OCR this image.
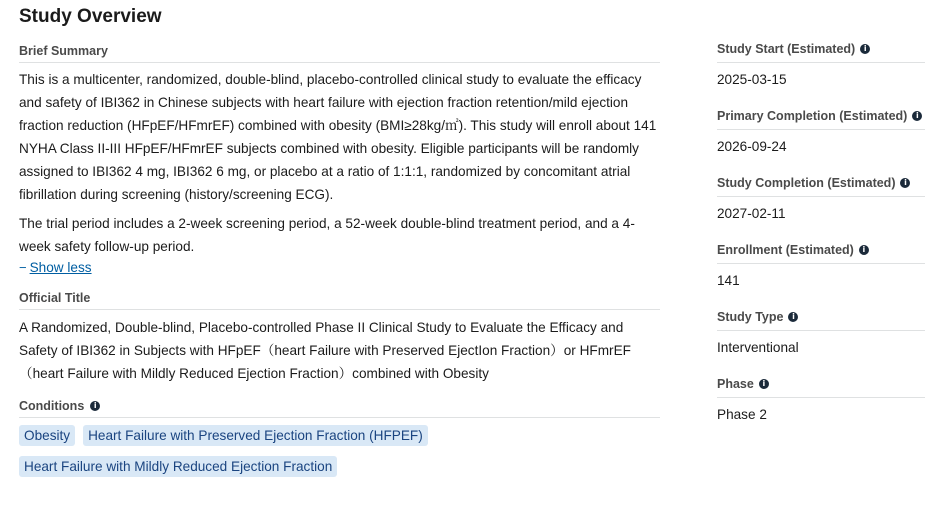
Study Overview
Brief Summary

This is a multicenter, randomized, double-blind, placebo-controlled clinical study to evaluate the efficacy and safety of IBI362 in Chinese subjects with heart failure with ejection fraction retention/mild ejection fraction reduction (HFpEF/HFmrEF) combined with obesity (BMI≥28kg/㎡). This study will enroll about 141 NYHA Class II-III HFpEF/HFmrEF subjects combined with obesity. Eligible participants will be randomly assigned to IBI362 4 mg, IBI362 6 mg, or placebo at a ratio of 1:1:1, randomized by concomitant atrial fibrillation during screening (history/screening ECG).

The trial period includes a 2-week screening period, a 52-week double-blind treatment period, and a 4-week safety follow-up period.

− Show less
Official Title

A Randomized, Double-blind, Placebo-controlled Phase II Clinical Study to Evaluate the Efficacy and Safety of IBI362 in Subjects with HFpEF（heart Failure with Preserved EjectIon Fraction）or HFmrEF（heart Failure with Mildly Reduced Ejection Fraction）combined with Obesity

Conditions	i
Obesity	Heart Failure with Preserved Ejection Fraction (HFPEF)
Heart Failure with Mildly Reduced Ejection Fraction
Study Start (Estimated)	i
2025-03-15
Primary Completion (Estimated)	i
2026-09-24
Study Completion (Estimated)	i
2027-02-11
Enrollment (Estimated)	i
141
Study Type	i
Interventional
Phase	i
Phase 2
